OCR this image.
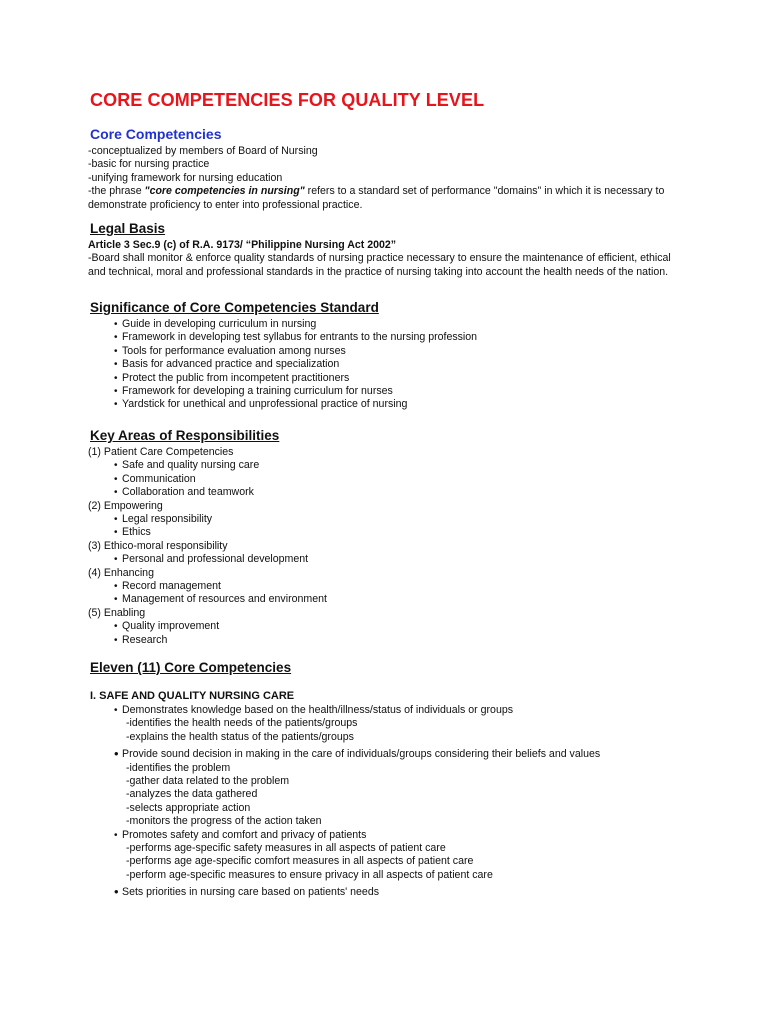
CORE COMPETENCIES FOR QUALITY LEVEL
Core Competencies

-conceptualized by members of Board of Nursing

-basic for nursing practice

-unifying framework for nursing education

-the phrase "core competencies in nursing" refers to a standard set of performance "domains" in which it is necessary to demonstrate proficiency to enter into professional practice.

Legal Basis

Article 3 Sec.9 (c) of R.A. 9173/ “Philippine Nursing Act 2002”

-Board shall monitor & enforce quality standards of nursing practice necessary to ensure the maintenance of efficient, ethical and technical, moral and professional standards in the practice of nursing taking into account the health needs of the nation.

Significance of Core Competencies Standard
• Guide in developing curriculum in nursing
• Framework in developing test syllabus for entrants to the nursing profession
• Tools for performance evaluation among nurses
• Basis for advanced practice and specialization
• Protect the public from incompetent practitioners
• Framework for developing a training curriculum for nurses
• Yardstick for unethical and unprofessional practice of nursing
Key Areas of Responsibilities

(1) Patient Care Competencies

• Safe and quality nursing care
• Communication
• Collaboration and teamwork

(2) Empowering

• Legal responsibility
• Ethics

(3) Ethico-moral responsibility

• Personal and professional development

(4) Enhancing

• Record management
• Management of resources and environment

(5) Enabling

• Quality improvement
• Research
Eleven (11) Core Competencies
I. SAFE AND QUALITY NURSING CARE
• Demonstrates knowledge based on the health/illness/status of individuals or groups

-identifies the health needs of the patients/groups

-explains the health status of the patients/groups

• Provide sound decision in making in the care of individuals/groups considering their beliefs and values

-identifies the problem

-gather data related to the problem

-analyzes the data gathered

-selects appropriate action

-monitors the progress of the action taken

• Promotes safety and comfort and privacy of patients

-performs age-specific safety measures in all aspects of patient care

-performs age age-specific comfort measures in all aspects of patient care

-perform age-specific measures to ensure privacy in all aspects of patient care

• Sets priorities in nursing care based on patients' needs
